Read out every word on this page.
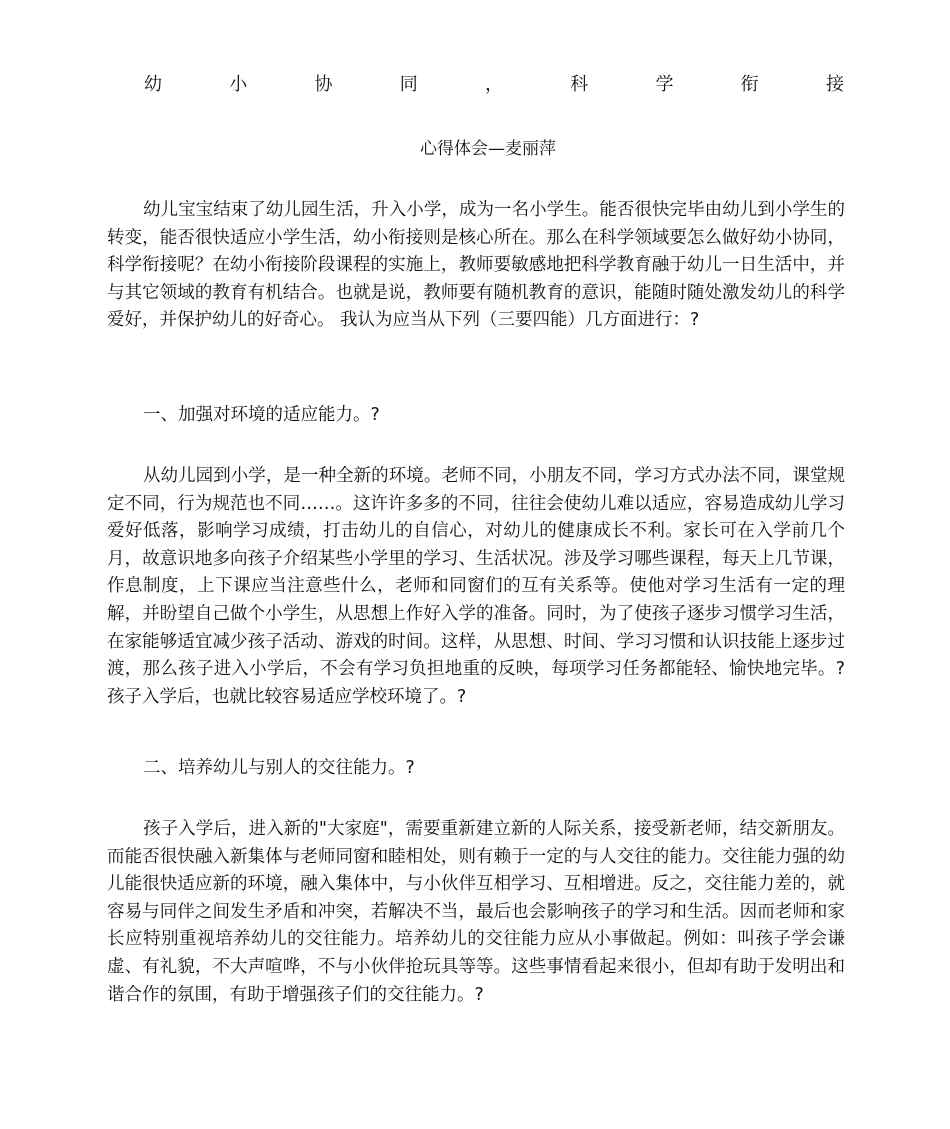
幼	小	协	同	，	科	学	衔	接
心得体会—麦丽萍

幼儿宝宝结束了幼儿园生活，升入小学，成为一名小学生。能否很快完毕由幼儿到小学生的转变，能否很快适应小学生活，幼小衔接则是核心所在。那么在科学领域要怎么做好幼小协同，科学衔接呢？在幼小衔接阶段课程的实施上，教师要敏感地把科学教育融于幼儿一日生活中，并与其它领域的教育有机结合。也就是说，教师要有随机教育的意识，能随时随处激发幼儿的科学爱好，并保护幼儿的好奇心。 我认为应当从下列（三要四能）几方面进行：?

一、加强对环境的适应能力。?

从幼儿园到小学，是一种全新的环境。老师不同，小朋友不同，学习方式办法不同，课堂规定不同，行为规范也不同……。这许许多多的不同，往往会使幼儿难以适应，容易造成幼儿学习爱好低落，影响学习成绩，打击幼儿的自信心，对幼儿的健康成长不利。家长可在入学前几个月，故意识地多向孩子介绍某些小学里的学习、生活状况。涉及学习哪些课程，每天上几节课，作息制度，上下课应当注意些什么，老师和同窗们的互有关系等。使他对学习生活有一定的理解，并盼望自己做个小学生，从思想上作好入学的准备。同时，为了使孩子逐步习惯学习生活，在家能够适宜减少孩子活动、游戏的时间。这样，从思想、时间、学习习惯和认识技能上逐步过渡，那么孩子进入小学后，不会有学习负担地重的反映，每项学习任务都能轻、愉快地完毕。?孩子入学后，也就比较容易适应学校环境了。?

二、培养幼儿与别人的交往能力。?

孩子入学后，进入新的"大家庭"，需要重新建立新的人际关系，接受新老师，结交新朋友。而能否很快融入新集体与老师同窗和睦相处，则有赖于一定的与人交往的能力。交往能力强的幼儿能很快适应新的环境，融入集体中，与小伙伴互相学习、互相增进。反之，交往能力差的，就容易与同伴之间发生矛盾和冲突，若解决不当，最后也会影响孩子的学习和生活。因而老师和家长应特别重视培养幼儿的交往能力。培养幼儿的交往能力应从小事做起。例如：叫孩子学会谦虚、有礼貌，不大声喧哗，不与小伙伴抢玩具等等。这些事情看起来很小，但却有助于发明出和谐合作的氛围，有助于增强孩子们的交往能力。?
